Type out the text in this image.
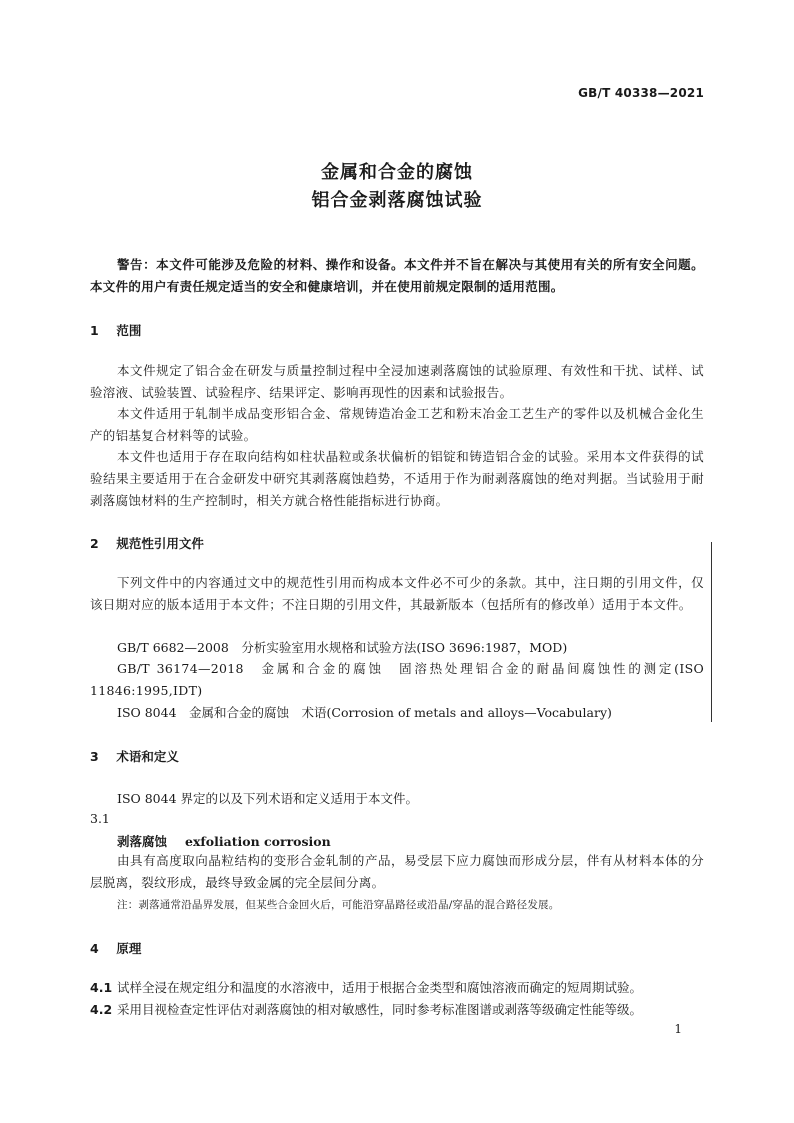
GB/T 40338—2021
金属和合金的腐蚀
铝合金剥落腐蚀试验
警告：本文件可能涉及危险的材料、操作和设备。本文件并不旨在解决与其使用有关的所有安全问题。本文件的用户有责任规定适当的安全和健康培训，并在使用前规定限制的适用范围。
1 范围
本文件规定了铝合金在研发与质量控制过程中全浸加速剥落腐蚀的试验原理、有效性和干扰、试样、试验溶液、试验装置、试验程序、结果评定、影响再现性的因素和试验报告。
本文件适用于轧制半成品变形铝合金、常规铸造冶金工艺和粉末冶金工艺生产的零件以及机械合金化生产的铝基复合材料等的试验。
本文件也适用于存在取向结构如柱状晶粒或条状偏析的铝锭和铸造铝合金的试验。采用本文件获得的试验结果主要适用于在合金研发中研究其剥落腐蚀趋势，不适用于作为耐剥落腐蚀的绝对判据。当试验用于耐剥落腐蚀材料的生产控制时，相关方就合格性能指标进行协商。
2 规范性引用文件
下列文件中的内容通过文中的规范性引用而构成本文件必不可少的条款。其中，注日期的引用文件，仅该日期对应的版本适用于本文件；不注日期的引用文件，其最新版本（包括所有的修改单）适用于本文件。
GB/T 6682—2008　分析实验室用水规格和试验方法(ISO 3696:1987，MOD)
GB/T 36174—2018　金属和合金的腐蚀　固溶热处理铝合金的耐晶间腐蚀性的测定(ISO 11846:1995,IDT)
ISO 8044　金属和合金的腐蚀　术语(Corrosion of metals and alloys—Vocabulary)
3 术语和定义
ISO 8044 界定的以及下列术语和定义适用于本文件。
3.1
剥落腐蚀 exfoliation corrosion
由具有高度取向晶粒结构的变形合金轧制的产品，易受层下应力腐蚀而形成分层，伴有从材料本体的分层脱离，裂纹形成，最终导致金属的完全层间分离。
注：剥落通常沿晶界发展，但某些合金回火后，可能沿穿晶路径或沿晶/穿晶的混合路径发展。
4 原理
4.1 试样全浸在规定组分和温度的水溶液中，适用于根据合金类型和腐蚀溶液而确定的短周期试验。
4.2 采用目视检查定性评估对剥落腐蚀的相对敏感性，同时参考标准图谱或剥落等级确定性能等级。
1
